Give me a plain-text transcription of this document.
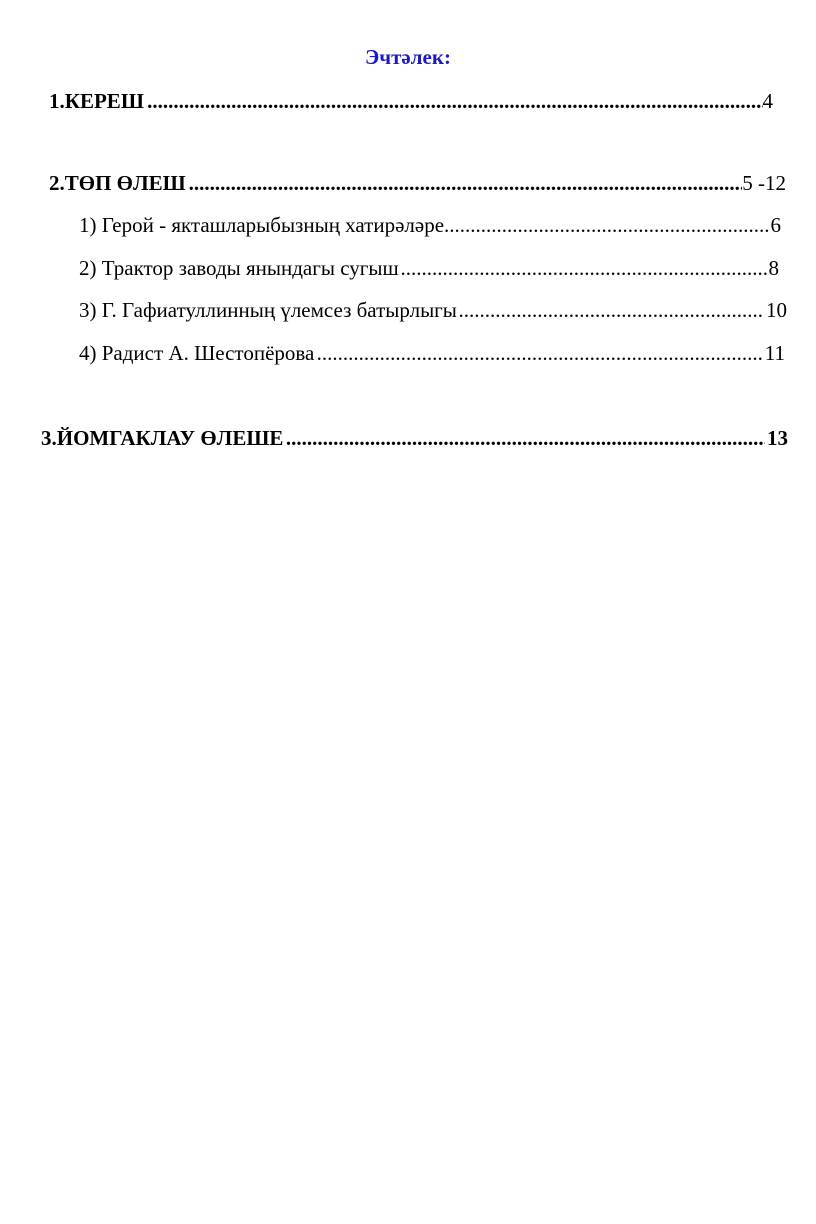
Эчтәлек:
1. КЕРЕШ .....	4
2. ТӨП ӨЛЕШ .....	5 -12
1) Герой - якташларыбызның хатирәләре .....	6
2) Трактор заводы янындагы сугыш .....	8
3) Г. Гафиатуллинның үлемсез батырлыгы .....	10
4) Радист А. Шестопёрова .....	11
3. ЙОМГАКЛАУ ӨЛЕШЕ .....	13
